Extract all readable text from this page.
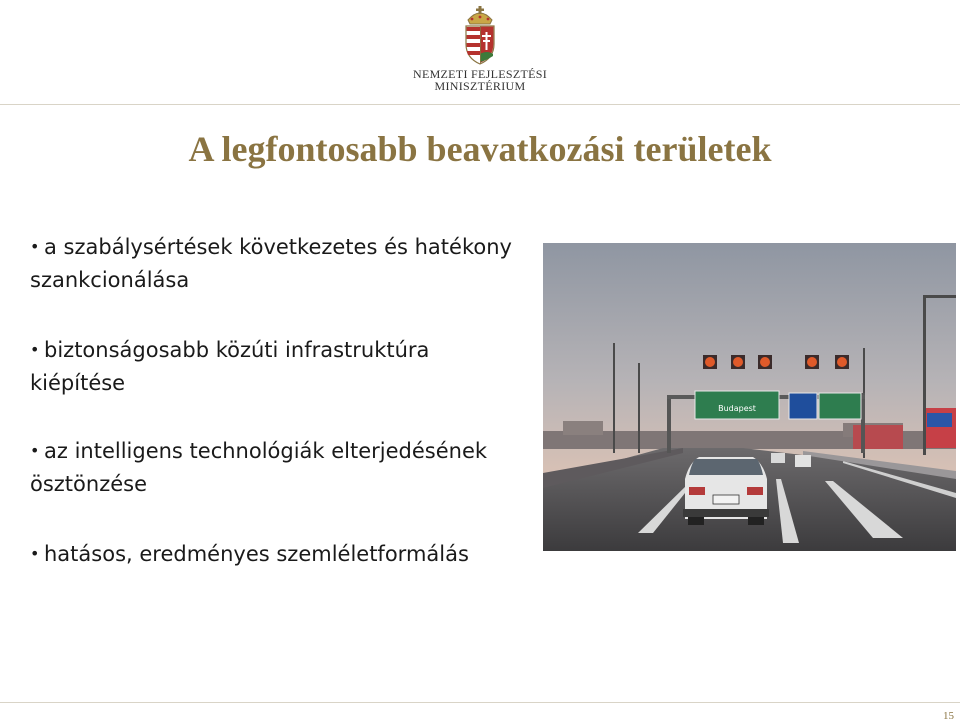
NEMZETI FEJLESZTÉSI
MINISZTÉRIUM
A legfontosabb beavatkozási területek
• a szabálysértések következetes és hatékony szankcionálása
• biztonságosabb közúti infrastruktúra kiépítése
• az intelligens technológiák elterjedésének ösztönzése
• hatásos, eredményes szemléletformálás
Budapest
15
